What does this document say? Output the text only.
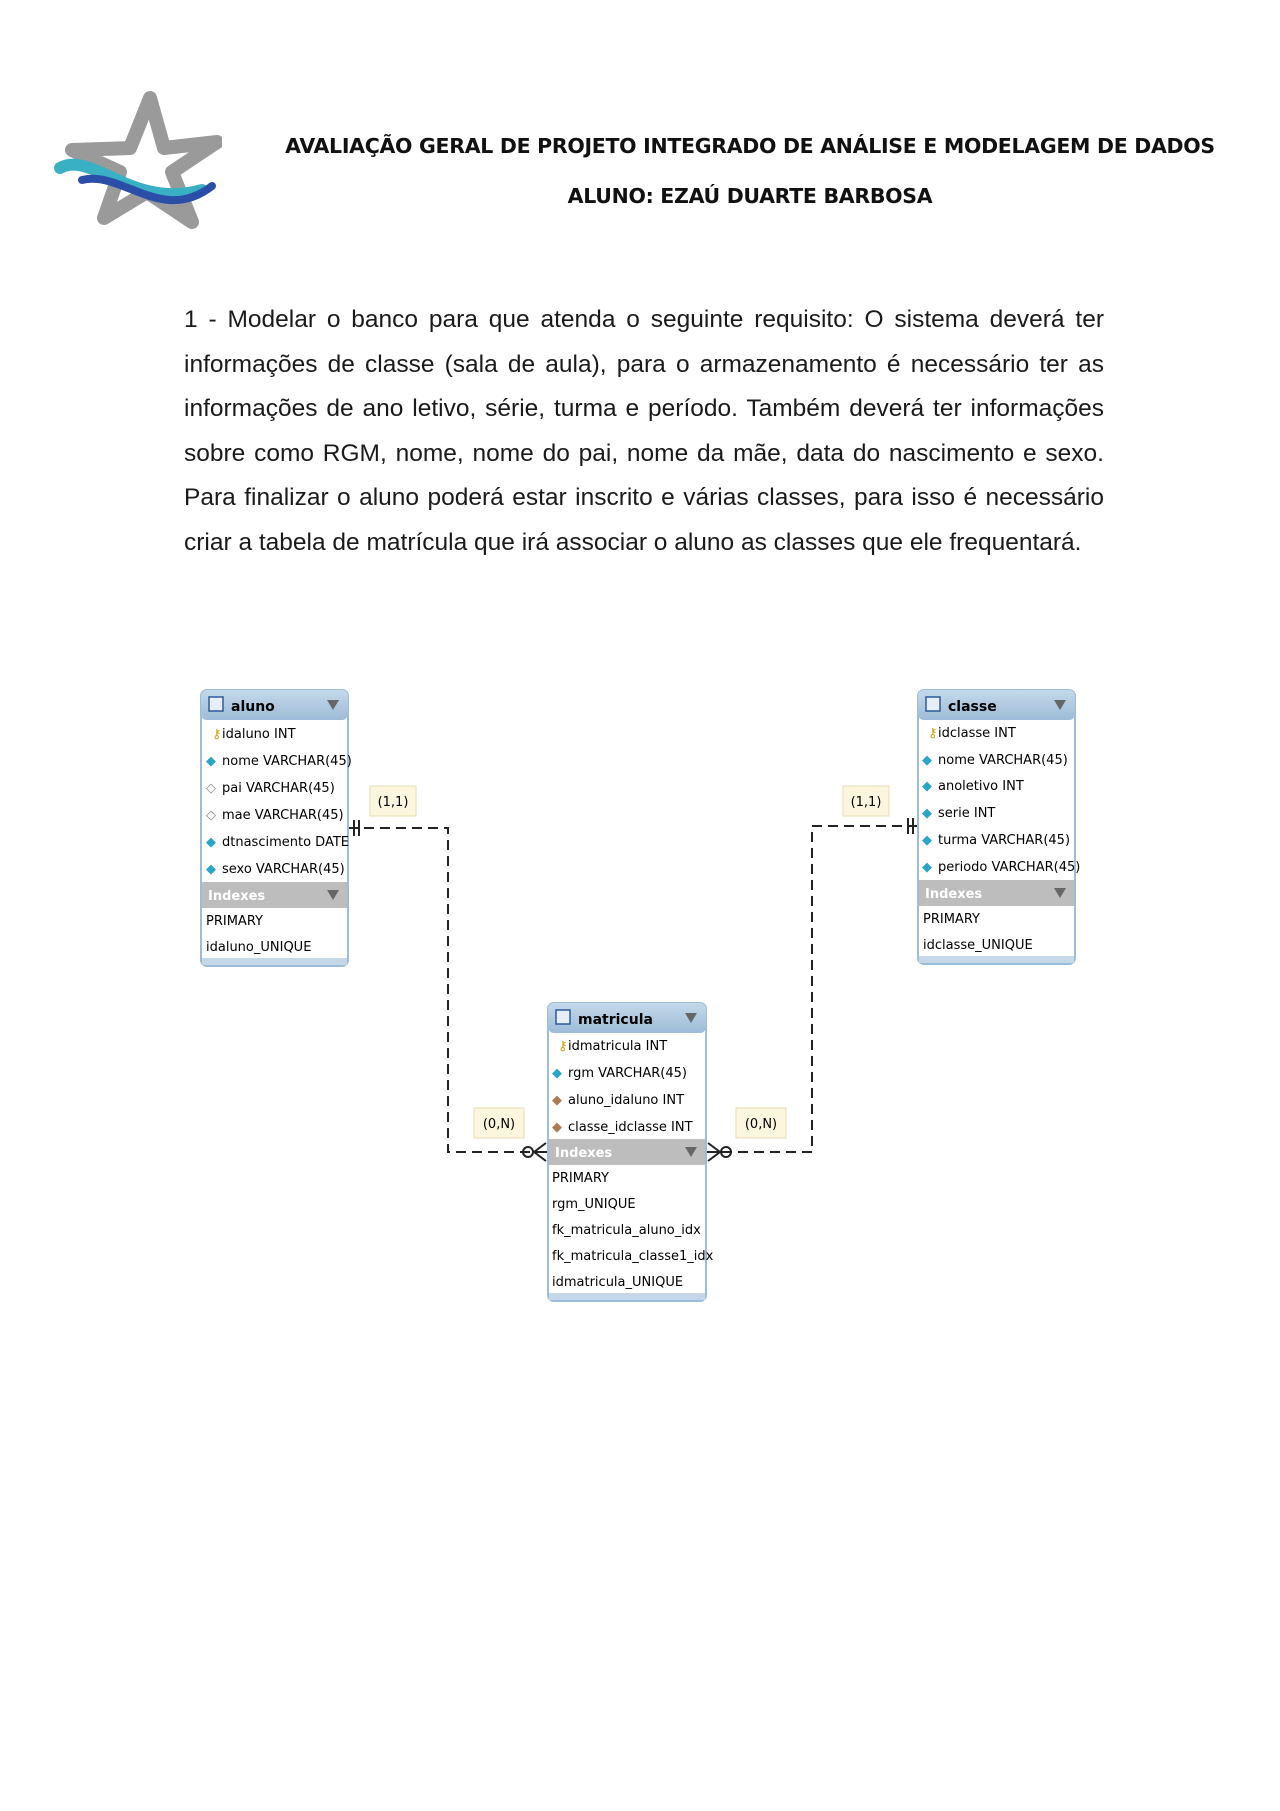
AVALIAÇÃO GERAL DE PROJETO INTEGRADO DE ANÁLISE E MODELAGEM DE DADOS
ALUNO: EZAÚ DUARTE BARBOSA
1 - Modelar o banco para que atenda o seguinte requisito: O sistema deverá ter informações de classe (sala de aula), para o armazenamento é necessário ter as informações de ano letivo, série, turma e período. Também deverá ter informações sobre como RGM, nome, nome do pai, nome da mãe, data do nascimento e sexo. Para finalizar o aluno poderá estar inscrito e várias classes, para isso é necessário criar a tabela de matrícula que irá associar o aluno as classes que ele frequentará.
(1,1)	(1,1)
(0,N)	(0,N)
aluno
⚷ idaluno INT
◆ nome VARCHAR(45)
◇ pai VARCHAR(45)
◇ mae VARCHAR(45)
◆ dtnascimento DATE
◆ sexo VARCHAR(45)
Indexes
PRIMARY
idaluno_UNIQUE
classe
⚷ idclasse INT
◆ nome VARCHAR(45)
◆ anoletivo INT
◆ serie INT
◆ turma VARCHAR(45)
◆ periodo VARCHAR(45)
Indexes
PRIMARY
idclasse_UNIQUE
matricula
⚷ idmatricula INT
◆ rgm VARCHAR(45)
◆ aluno_idaluno INT
◆ classe_idclasse INT
Indexes
PRIMARY
rgm_UNIQUE
fk_matricula_aluno_idx
fk_matricula_classe1_idx
idmatricula_UNIQUE
